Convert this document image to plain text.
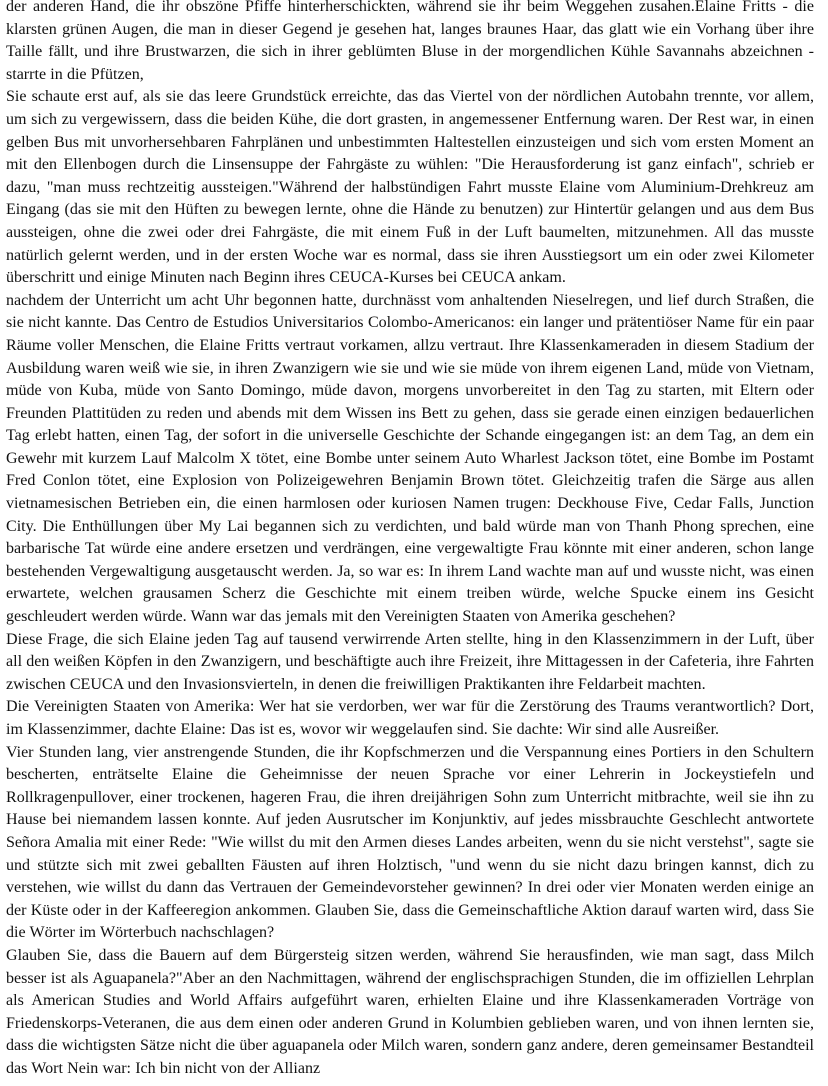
der anderen Hand, die ihr obszöne Pfiffe hinterherschickten, während sie ihr beim Weggehen zusahen.Elaine Fritts - die klarsten grünen Augen, die man in dieser Gegend je gesehen hat, langes braunes Haar, das glatt wie ein Vorhang über ihre Taille fällt, und ihre Brustwarzen, die sich in ihrer geblümten Bluse in der morgendlichen Kühle Savannahs abzeichnen - starrte in die Pfützen,

Sie schaute erst auf, als sie das leere Grundstück erreichte, das das Viertel von der nördlichen Autobahn trennte, vor allem, um sich zu vergewissern, dass die beiden Kühe, die dort grasten, in angemessener Entfernung waren. Der Rest war, in einen gelben Bus mit unvorhersehbaren Fahrplänen und unbestimmten Haltestellen einzusteigen und sich vom ersten Moment an mit den Ellenbogen durch die Linsensuppe der Fahrgäste zu wühlen: "Die Herausforderung ist ganz einfach", schrieb er dazu, "man muss rechtzeitig aussteigen."Während der halbstündigen Fahrt musste Elaine vom Aluminium-Drehkreuz am Eingang (das sie mit den Hüften zu bewegen lernte, ohne die Hände zu benutzen) zur Hintertür gelangen und aus dem Bus aussteigen, ohne die zwei oder drei Fahrgäste, die mit einem Fuß in der Luft baumelten, mitzunehmen. All das musste natürlich gelernt werden, und in der ersten Woche war es normal, dass sie ihren Ausstiegsort um ein oder zwei Kilometer überschritt und einige Minuten nach Beginn ihres CEUCA-Kurses bei CEUCA ankam.

nachdem der Unterricht um acht Uhr begonnen hatte, durchnässt vom anhaltenden Nieselregen, und lief durch Straßen, die sie nicht kannte. Das Centro de Estudios Universitarios Colombo-Americanos: ein langer und prätentiöser Name für ein paar Räume voller Menschen, die Elaine Fritts vertraut vorkamen, allzu vertraut. Ihre Klassenkameraden in diesem Stadium der Ausbildung waren weiß wie sie, in ihren Zwanzigern wie sie und wie sie müde von ihrem eigenen Land, müde von Vietnam, müde von Kuba, müde von Santo Domingo, müde davon, morgens unvorbereitet in den Tag zu starten, mit Eltern oder Freunden Plattitüden zu reden und abends mit dem Wissen ins Bett zu gehen, dass sie gerade einen einzigen bedauerlichen Tag erlebt hatten, einen Tag, der sofort in die universelle Geschichte der Schande eingegangen ist: an dem Tag, an dem ein Gewehr mit kurzem Lauf Malcolm X tötet, eine Bombe unter seinem Auto Wharlest Jackson tötet, eine Bombe im Postamt Fred Conlon tötet, eine Explosion von Polizeigewehren Benjamin Brown tötet. Gleichzeitig trafen die Särge aus allen vietnamesischen Betrieben ein, die einen harmlosen oder kuriosen Namen trugen: Deckhouse Five, Cedar Falls, Junction City. Die Enthüllungen über My Lai begannen sich zu verdichten, und bald würde man von Thanh Phong sprechen, eine barbarische Tat würde eine andere ersetzen und verdrängen, eine vergewaltigte Frau könnte mit einer anderen, schon lange bestehenden Vergewaltigung ausgetauscht werden. Ja, so war es: In ihrem Land wachte man auf und wusste nicht, was einen erwartete, welchen grausamen Scherz die Geschichte mit einem treiben würde, welche Spucke einem ins Gesicht geschleudert werden würde. Wann war das jemals mit den Vereinigten Staaten von Amerika geschehen?

Diese Frage, die sich Elaine jeden Tag auf tausend verwirrende Arten stellte, hing in den Klassenzimmern in der Luft, über all den weißen Köpfen in den Zwanzigern, und beschäftigte auch ihre Freizeit, ihre Mittagessen in der Cafeteria, ihre Fahrten zwischen CEUCA und den Invasionsvierteln, in denen die freiwilligen Praktikanten ihre Feldarbeit machten.

Die Vereinigten Staaten von Amerika: Wer hat sie verdorben, wer war für die Zerstörung des Traums verantwortlich? Dort, im Klassenzimmer, dachte Elaine: Das ist es, wovor wir weggelaufen sind. Sie dachte: Wir sind alle Ausreißer.

Vier Stunden lang, vier anstrengende Stunden, die ihr Kopfschmerzen und die Verspannung eines Portiers in den Schultern bescherten, enträtselte Elaine die Geheimnisse der neuen Sprache vor einer Lehrerin in Jockeystiefeln und Rollkragenpullover, einer trockenen, hageren Frau, die ihren dreijährigen Sohn zum Unterricht mitbrachte, weil sie ihn zu Hause bei niemandem lassen konnte. Auf jeden Ausrutscher im Konjunktiv, auf jedes missbrauchte Geschlecht antwortete Señora Amalia mit einer Rede: "Wie willst du mit den Armen dieses Landes arbeiten, wenn du sie nicht verstehst", sagte sie und stützte sich mit zwei geballten Fäusten auf ihren Holztisch, "und wenn du sie nicht dazu bringen kannst, dich zu verstehen, wie willst du dann das Vertrauen der Gemeindevorsteher gewinnen? In drei oder vier Monaten werden einige an der Küste oder in der Kaffeeregion ankommen. Glauben Sie, dass die Gemeinschaftliche Aktion darauf warten wird, dass Sie die Wörter im Wörterbuch nachschlagen?

Glauben Sie, dass die Bauern auf dem Bürgersteig sitzen werden, während Sie herausfinden, wie man sagt, dass Milch besser ist als Aguapanela?"Aber an den Nachmittagen, während der englischsprachigen Stunden, die im offiziellen Lehrplan als American Studies and World Affairs aufgeführt waren, erhielten Elaine und ihre Klassenkameraden Vorträge von Friedenskorps-Veteranen, die aus dem einen oder anderen Grund in Kolumbien geblieben waren, und von ihnen lernten sie, dass die wichtigsten Sätze nicht die über aguapanela oder Milch waren, sondern ganz andere, deren gemeinsamer Bestandteil das Wort Nein war: Ich bin nicht von der Allianz
